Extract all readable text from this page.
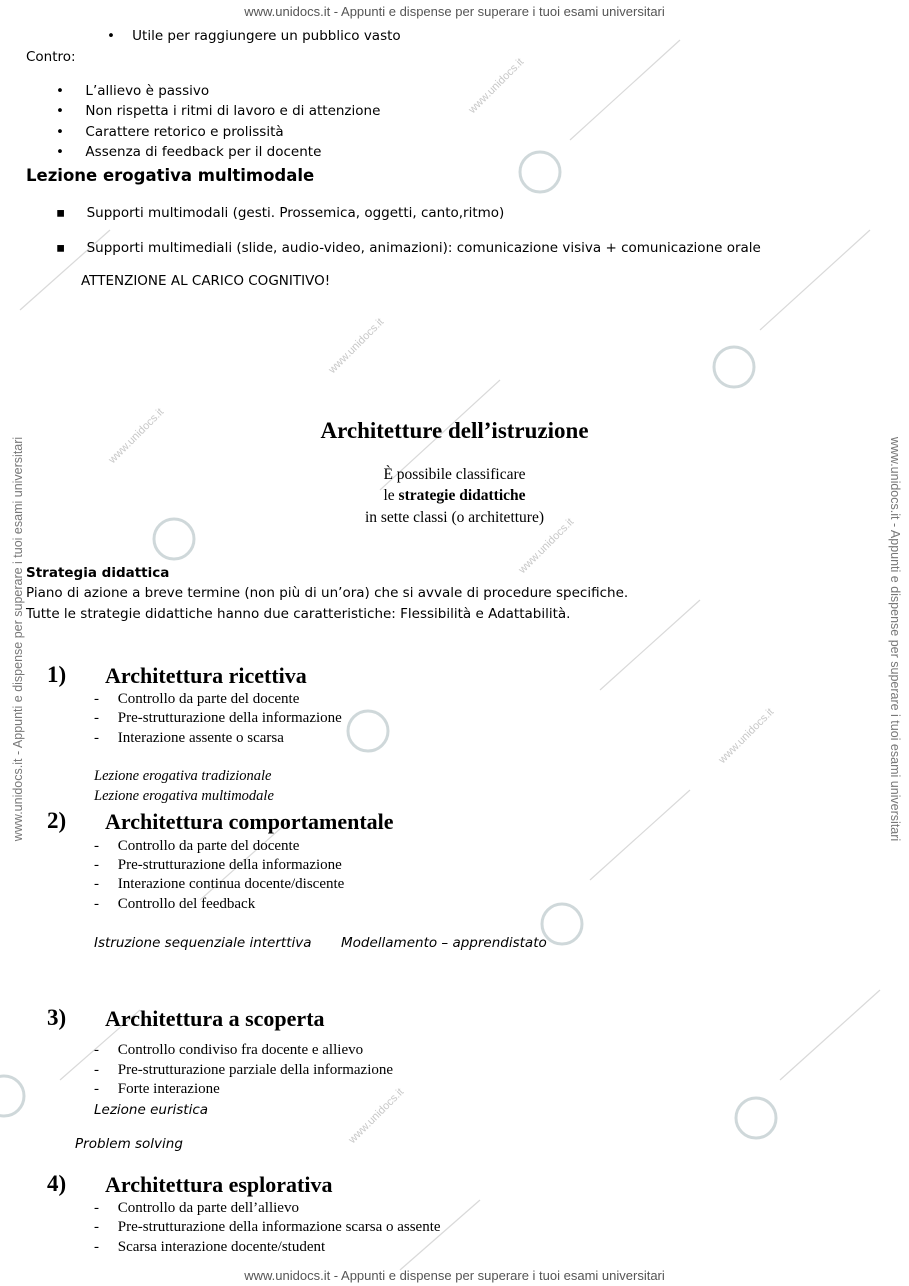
www.unidocs.it
www.unidocs.it
www.unidocs.it
www.unidocs.it
www.unidocs.it
www.unidocs.it
www.unidocs.it - Appunti e dispense per superare i tuoi esami universitari
www.unidocs.it - Appunti e dispense per superare i tuoi esami universitari
www.unidocs.it - Appunti e dispense per superare i tuoi esami universitari	www.unidocs.it - Appunti e dispense per superare i tuoi esami universitari
•    Utile per raggiungere un pubblico vasto
Contro:
•     L’allievo è passivo
•     Non rispetta i ritmi di lavoro e di attenzione
•     Carattere retorico e prolissità
•     Assenza di feedback per il docente
Lezione erogativa multimodale
▪     Supporti multimodali (gesti. Prossemica, oggetti, canto,ritmo)
▪     Supporti multimediali (slide, audio-video, animazioni): comunicazione visiva + comunicazione orale
ATTENZIONE AL CARICO COGNITIVO!
Architetture dell’istruzione
È possibile classificare
le strategie didattiche
in sette classi (o architetture)
Strategia didattica
Piano di azione a breve termine (non più di un’ora) che si avvale di procedure specifiche.
Tutte le strategie didattiche hanno due caratteristiche: Flessibilità e Adattabilità.
1) Architettura ricettiva
-     Controllo da parte del docente
-     Pre-strutturazione della informazione
-     Interazione assente o scarsa
Lezione erogativa tradizionale
Lezione erogativa multimodale
2) Architettura comportamentale
-     Controllo da parte del docente
-     Pre-strutturazione della informazione
-     Interazione continua docente/discente
-     Controllo del feedback
Istruzione sequenziale interttiva Modellamento – apprendistato
3) Architettura a scoperta
-     Controllo condiviso fra docente e allievo
-     Pre-strutturazione parziale della informazione
-     Forte interazione
Lezione euristica
Problem solving
4) Architettura esplorativa
-     Controllo da parte dell’allievo
-     Pre-strutturazione della informazione scarsa o assente
-     Scarsa interazione docente/student
